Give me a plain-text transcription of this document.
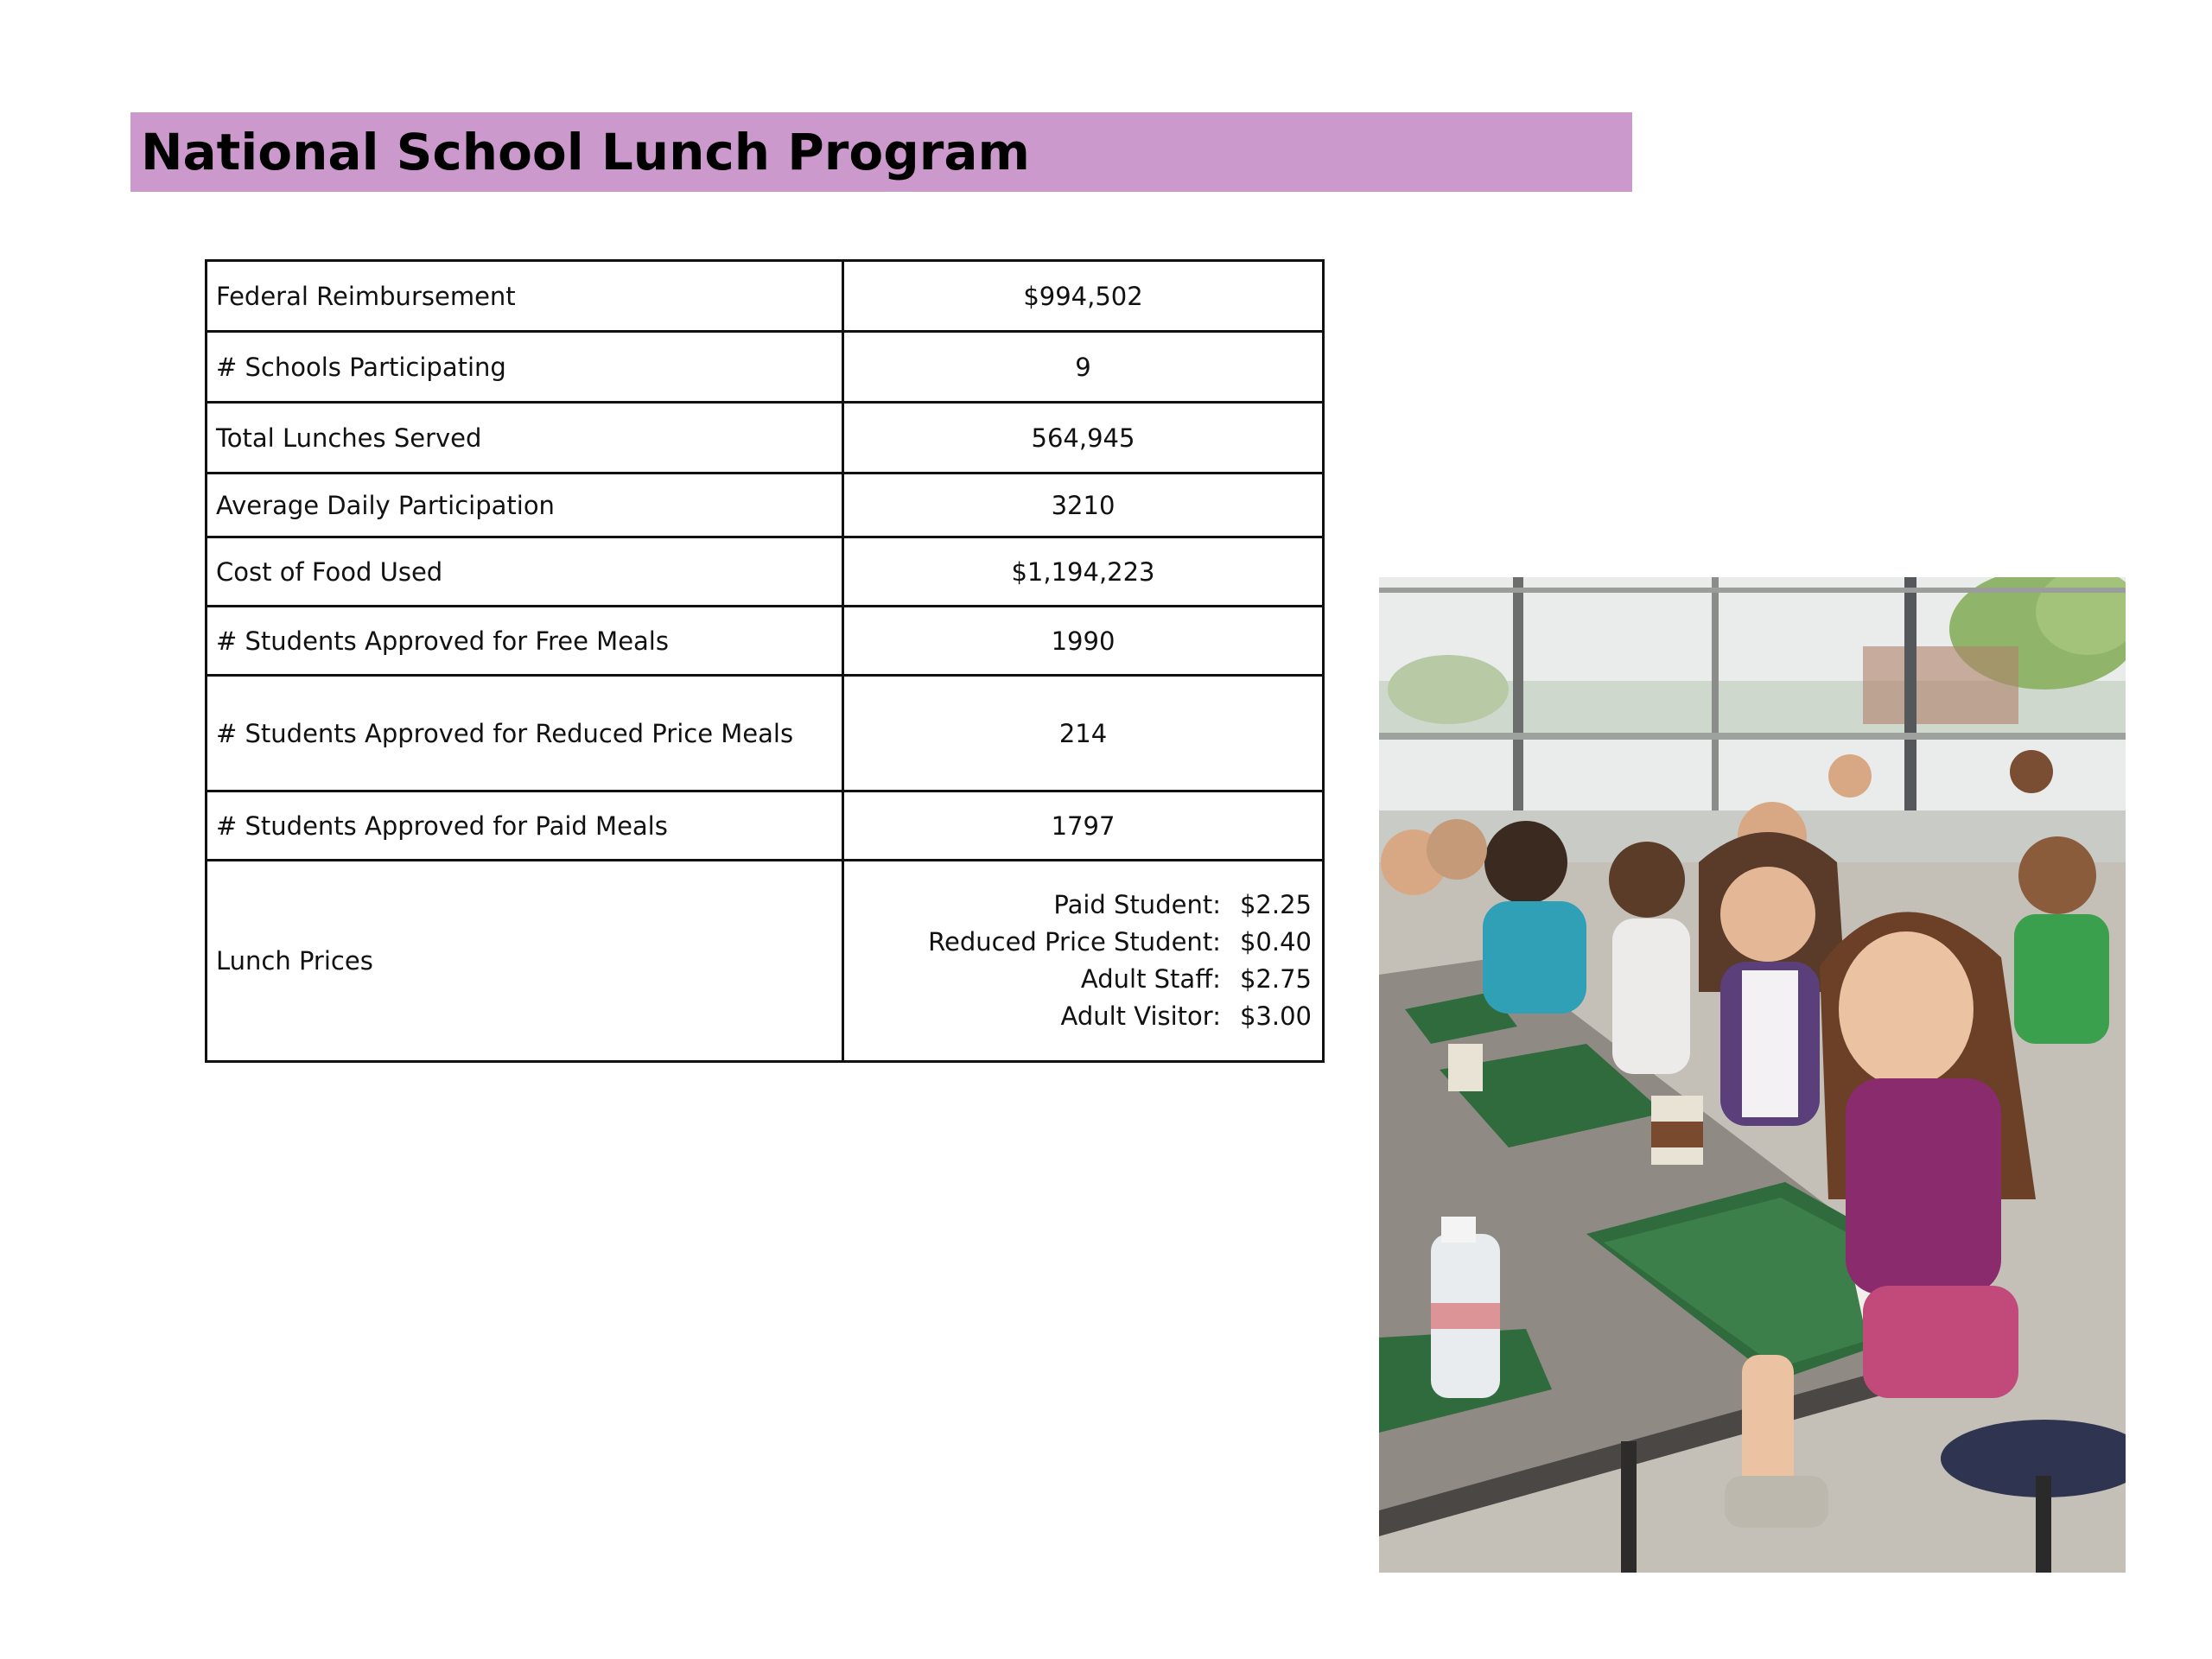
National School Lunch Program
Federal Reimbursement	$994,502
# Schools Participating	9
Total Lunches Served	564,945
Average Daily Participation	3210
Cost of Food Used	$1,194,223
# Students Approved for Free Meals	1990
# Students Approved for Reduced Price Meals	214
# Students Approved for Paid Meals	1797
Lunch Prices	
Paid Student:	$2.25
Reduced Price Student:	$0.40
Adult Staff:	$2.75
Adult Visitor:	$3.00
